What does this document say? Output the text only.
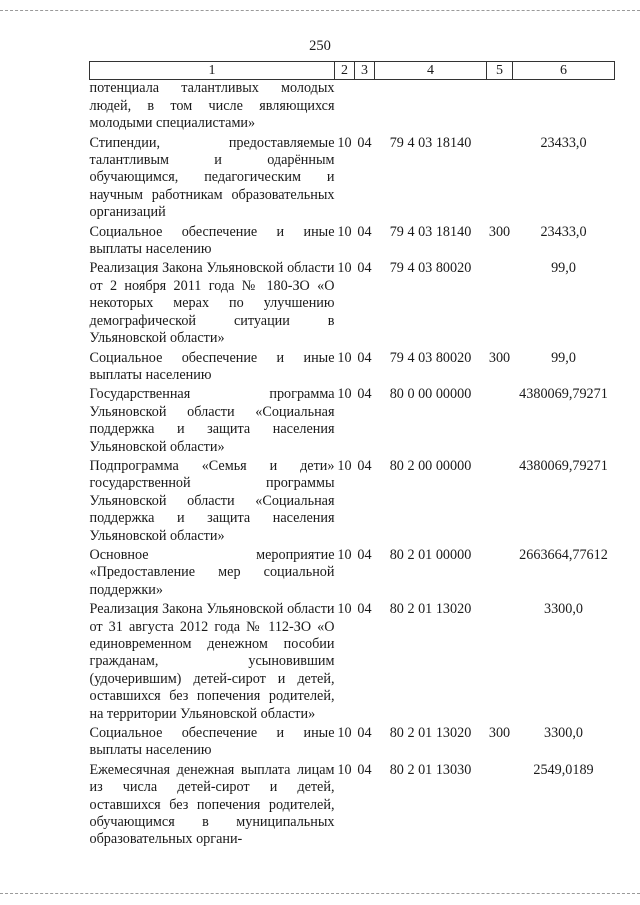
250
1	2	3	4	5	6
потенциала талантливых молодых людей, в том числе являющихся молодыми специалистами»					
Стипендии, предоставляемые талантливым и одарённым обучающимся, педагогическим и научным работникам образовательных организаций	10	04	79 4 03 18140		23433,0
Социальное обеспечение и иные выплаты населению	10	04	79 4 03 18140	300	23433,0
Реализация Закона Ульяновской области от 2 ноября 2011 года № 180-ЗО «О некоторых мерах по улучшению демографической ситуации в Ульяновской области»	10	04	79 4 03 80020		99,0
Социальное обеспечение и иные выплаты населению	10	04	79 4 03 80020	300	99,0
Государственная программа Ульяновской области «Социальная поддержка и защита населения Ульяновской области»	10	04	80 0 00 00000		4380069,79271
Подпрограмма «Семья и дети» государственной программы Ульяновской области «Социальная поддержка и защита населения Ульяновской области»	10	04	80 2 00 00000		4380069,79271
Основное мероприятие «Предоставление мер социальной поддержки»	10	04	80 2 01 00000		2663664,77612
Реализация Закона Ульяновской области от 31 августа 2012 года № 112-ЗО «О единовременном денежном пособии гражданам, усыновившим (удочерившим) детей-сирот и детей, оставшихся без попечения родителей, на территории Ульяновской области»	10	04	80 2 01 13020		3300,0
Социальное обеспечение и иные выплаты населению	10	04	80 2 01 13020	300	3300,0
Ежемесячная денежная выплата лицам из числа детей-сирот и детей, оставшихся без попечения родителей, обучающимся в муниципальных образовательных органи-	10	04	80 2 01 13030		2549,0189
